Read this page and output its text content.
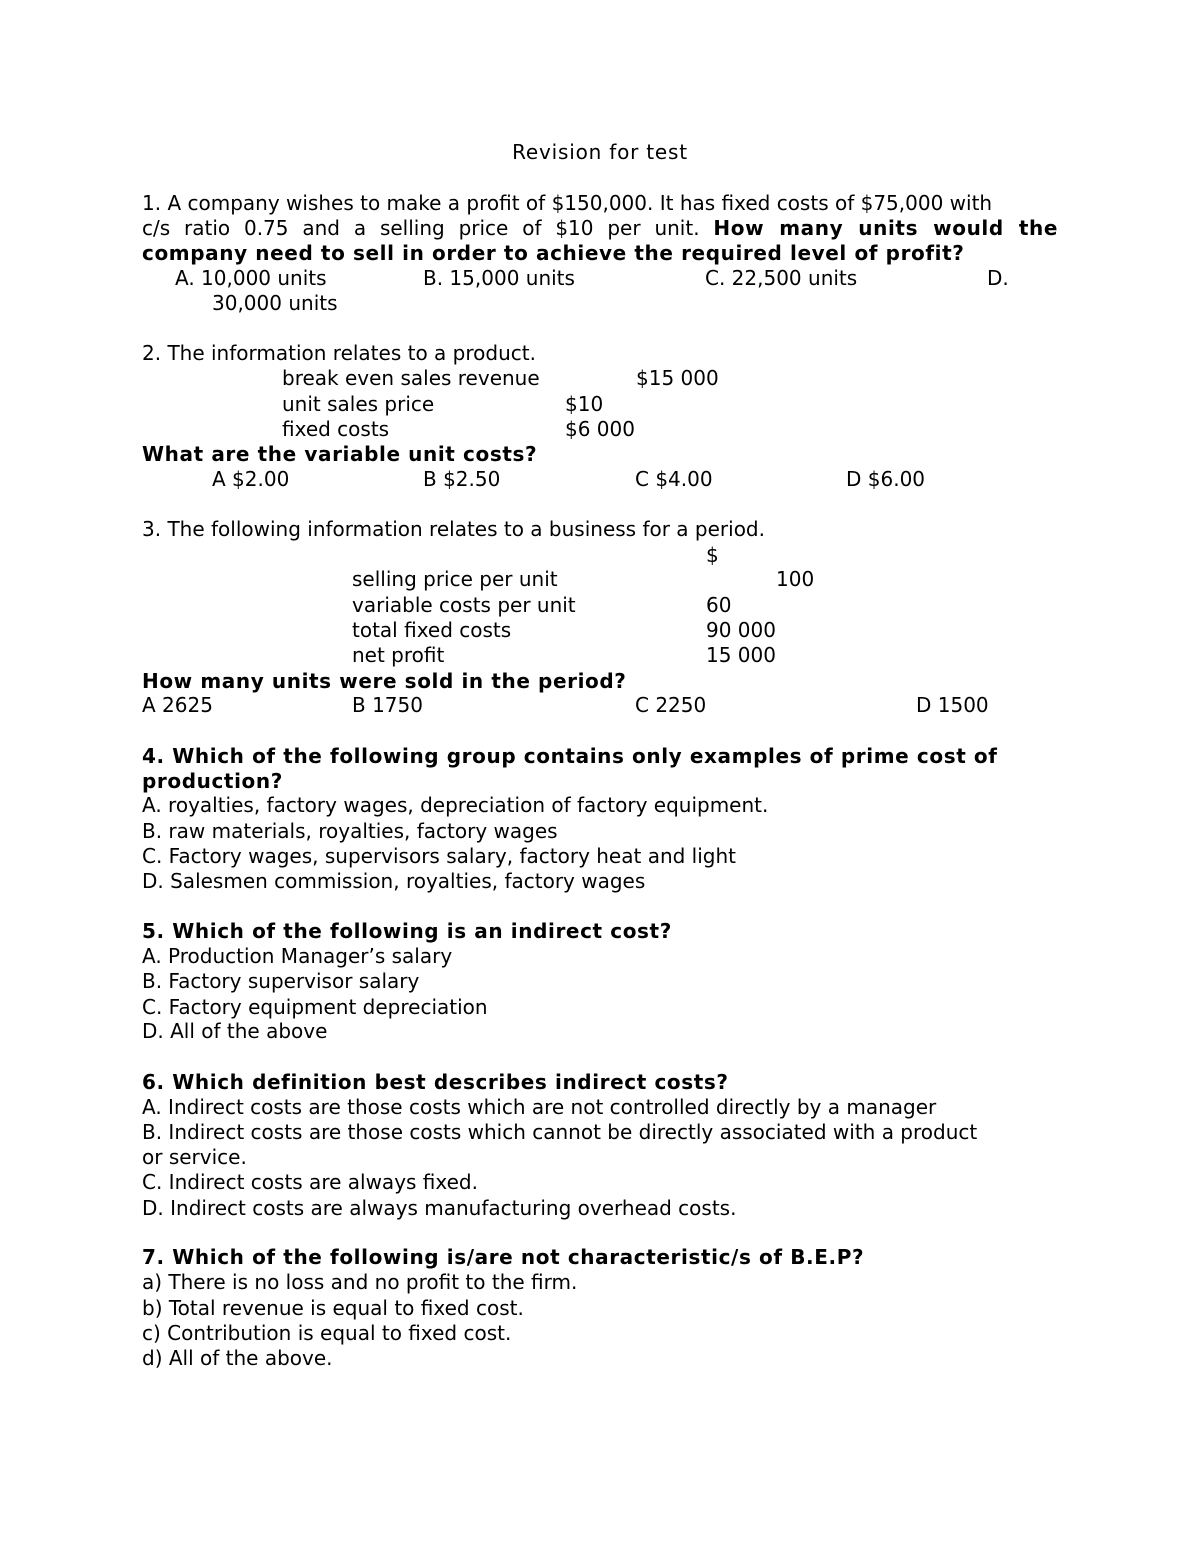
Revision for test
1. A company wishes to make a profit of $150,000. It has fixed costs of $75,000 with
c/s ratio 0.75 and a selling price of $10 per unit. How many units would the
company need to sell in order to achieve the required level of profit?
A. 10,000 units	B. 15,000 units	C. 22,500 units	D.
30,000 units
2. The information relates to a product.
break even sales revenue	$15 000
unit sales price	$10
fixed costs	$6 000
What are the variable unit costs?
A $2.00	B $2.50	C $4.00	D $6.00
3. The following information relates to a business for a period.
$
selling price per unit	100
variable costs per unit	60
total fixed costs	90 000
net profit	15 000
How many units were sold in the period?
A 2625	B 1750	C 2250	D 1500
4. Which of the following group contains only examples of prime cost of
production?
A. royalties, factory wages, depreciation of factory equipment.
B. raw materials, royalties, factory wages
C. Factory wages, supervisors salary, factory heat and light
D. Salesmen commission, royalties, factory wages
5. Which of the following is an indirect cost?
A. Production Manager’s salary
B. Factory supervisor salary
C. Factory equipment depreciation
D. All of the above
6. Which definition best describes indirect costs?
A. Indirect costs are those costs which are not controlled directly by a manager
B. Indirect costs are those costs which cannot be directly associated with a product
or service.
C. Indirect costs are always fixed.
D. Indirect costs are always manufacturing overhead costs.
7. Which of the following is/are not characteristic/s of B.E.P?
a) There is no loss and no profit to the firm.
b) Total revenue is equal to fixed cost.
c) Contribution is equal to fixed cost.
d) All of the above.
